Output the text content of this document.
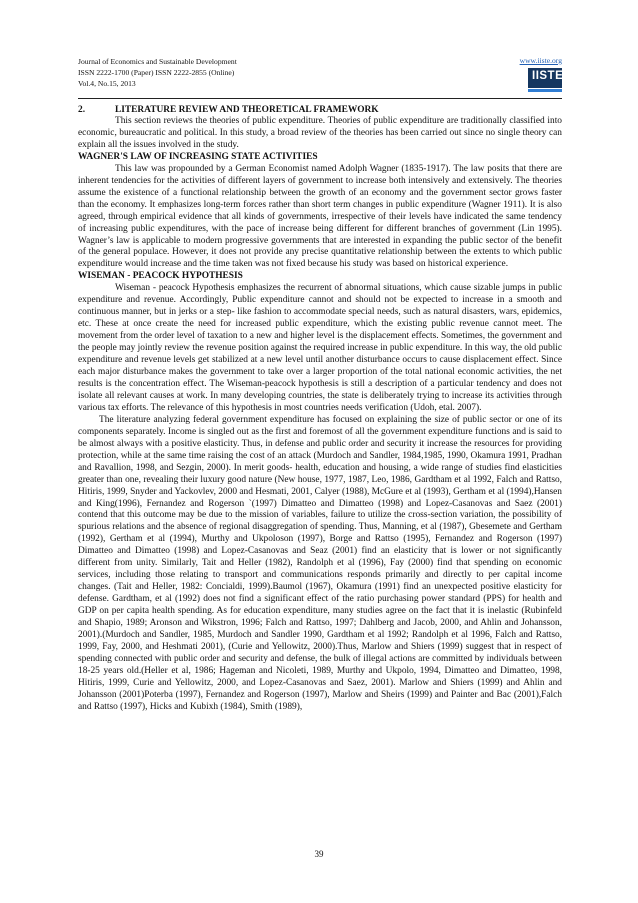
Journal of Economics and Sustainable Development
ISSN 2222-1700 (Paper) ISSN 2222-2855 (Online)
Vol.4, No.15, 2013
www.iiste.org
IISTE
2.	LITERATURE REVIEW AND THEORETICAL FRAMEWORK

This section reviews the theories of public expenditure. Theories of public expenditure are traditionally classified into economic, bureaucratic and political. In this study, a broad review of the theories has been carried out since no single theory can explain all the issues involved in the study.

WAGNER'S LAW OF INCREASING STATE ACTIVITIES

This law was propounded by a German Economist named Adolph Wagner (1835-1917). The law posits that there are inherent tendencies for the activities of different layers of government to increase both intensively and extensively. The theories assume the existence of a functional relationship between the growth of an economy and the government sector grows faster than the economy. It emphasizes long-term forces rather than short term changes in public expenditure (Wagner 1911). It is also agreed, through empirical evidence that all kinds of governments, irrespective of their levels have indicated the same tendency of increasing public expenditures, with the pace of increase being different for different branches of government (Lin 1995). Wagner’s law is applicable to modern progressive governments that are interested in expanding the public sector of the benefit of the general populace. However, it does not provide any precise quantitative relationship between the extents to which public expenditure would increase and the time taken was not fixed because his study was based on historical experience.

WISEMAN - PEACOCK HYPOTHESIS

Wiseman - peacock Hypothesis emphasizes the recurrent of abnormal situations, which cause sizable jumps in public expenditure and revenue. Accordingly, Public expenditure cannot and should not be expected to increase in a smooth and continuous manner, but in jerks or a step- like fashion to accommodate special needs, such as natural disasters, wars, epidemics, etc. These at once create the need for increased public expenditure, which the existing public revenue cannot meet. The movement from the order level of taxation to a new and higher level is the displacement effects. Sometimes, the government and the people may jointly review the revenue position against the required increase in public expenditure. In this way, the old public expenditure and revenue levels get stabilized at a new level until another disturbance occurs to cause displacement effect. Since each major disturbance makes the government to take over a larger proportion of the total national economic activities, the net results is the concentration effect. The Wiseman-peacock hypothesis is still a description of a particular tendency and does not isolate all relevant causes at work. In many developing countries, the state is deliberately trying to increase its activities through various tax efforts. The relevance of this hypothesis in most countries needs verification (Udoh, etal. 2007).

The literature analyzing federal government expenditure has focused on explaining the size of public sector or one of its components separately. Income is singled out as the first and foremost of all the government expenditure functions and is said to be almost always with a positive elasticity. Thus, in defense and public order and security it increase the resources for providing protection, while at the same time raising the cost of an attack (Murdoch and Sandler, 1984,1985, 1990, Okamura 1991, Pradhan and Ravallion, 1998, and Sezgin, 2000). In merit goods- health, education and housing, a wide range of studies find elasticities greater than one, revealing their luxury good nature (New house, 1977, 1987, Leo, 1986, Gardtham et al 1992, Falch and Rattso, Hitiris, 1999, Snyder and Yackovlev, 2000 and Hesmati, 2001, Calyer (1988), McGure et al (1993), Gertham et al (1994),Hansen and King(1996), Fernandez and Rogerson `(1997) Dimatteo and Dimatteo (1998) and Lopez-Casanovas and Saez (2001) contend that this outcome may be due to the mission of variables, failure to utilize the cross-section variation, the possibility of spurious relations and the absence of regional disaggregation of spending. Thus, Manning, et al (1987), Gbesemete and Gertham (1992), Gertham et al (1994), Murthy and Ukpoloson (1997), Borge and Rattso (1995), Fernandez and Rogerson (1997) Dimatteo and Dimatteo (1998) and Lopez-Casanovas and Seaz (2001) find an elasticity that is lower or not significantly different from unity. Similarly, Tait and Heller (1982), Randolph et al (1996), Fay (2000) find that spending on economic services, including those relating to transport and communications responds primarily and directly to per capital income changes. (Tait and Heller, 1982: Concialdi, 1999).Baumol (1967), Okamura (1991) find an unexpected positive elasticity for defense. Gardtham, et al (1992) does not find a significant effect of the ratio purchasing power standard (PPS) for health and GDP on per capita health spending. As for education expenditure, many studies agree on the fact that it is inelastic (Rubinfeld and Shapio, 1989; Aronson and Wikstron, 1996; Falch and Rattso, 1997; Dahlberg and Jacob, 2000, and Ahlin and Johansson, 2001).(Murdoch and Sandler, 1985, Murdoch and Sandler 1990, Gardtham et al 1992; Randolph et al 1996, Falch and Rattso, 1999, Fay, 2000, and Heshmati 2001), (Curie and Yellowitz, 2000).Thus, Marlow and Shiers (1999) suggest that in respect of spending connected with public order and security and defense, the bulk of illegal actions are committed by individuals between 18-25 years old.(Heller et al, 1986; Hageman and Nicoleti, 1989, Murthy and Ukpolo, 1994, Dimatteo and Dimatteo, 1998, Hitiris, 1999, Curie and Yellowitz, 2000, and Lopez-Casanovas and Saez, 2001). Marlow and Shiers (1999) and Ahlin and Johansson (2001)Poterba (1997), Fernandez and Rogerson (1997), Marlow and Sheirs (1999) and Painter and Bac (2001),Falch and Rattso (1997), Hicks and Kubixh (1984), Smith (1989),

39
